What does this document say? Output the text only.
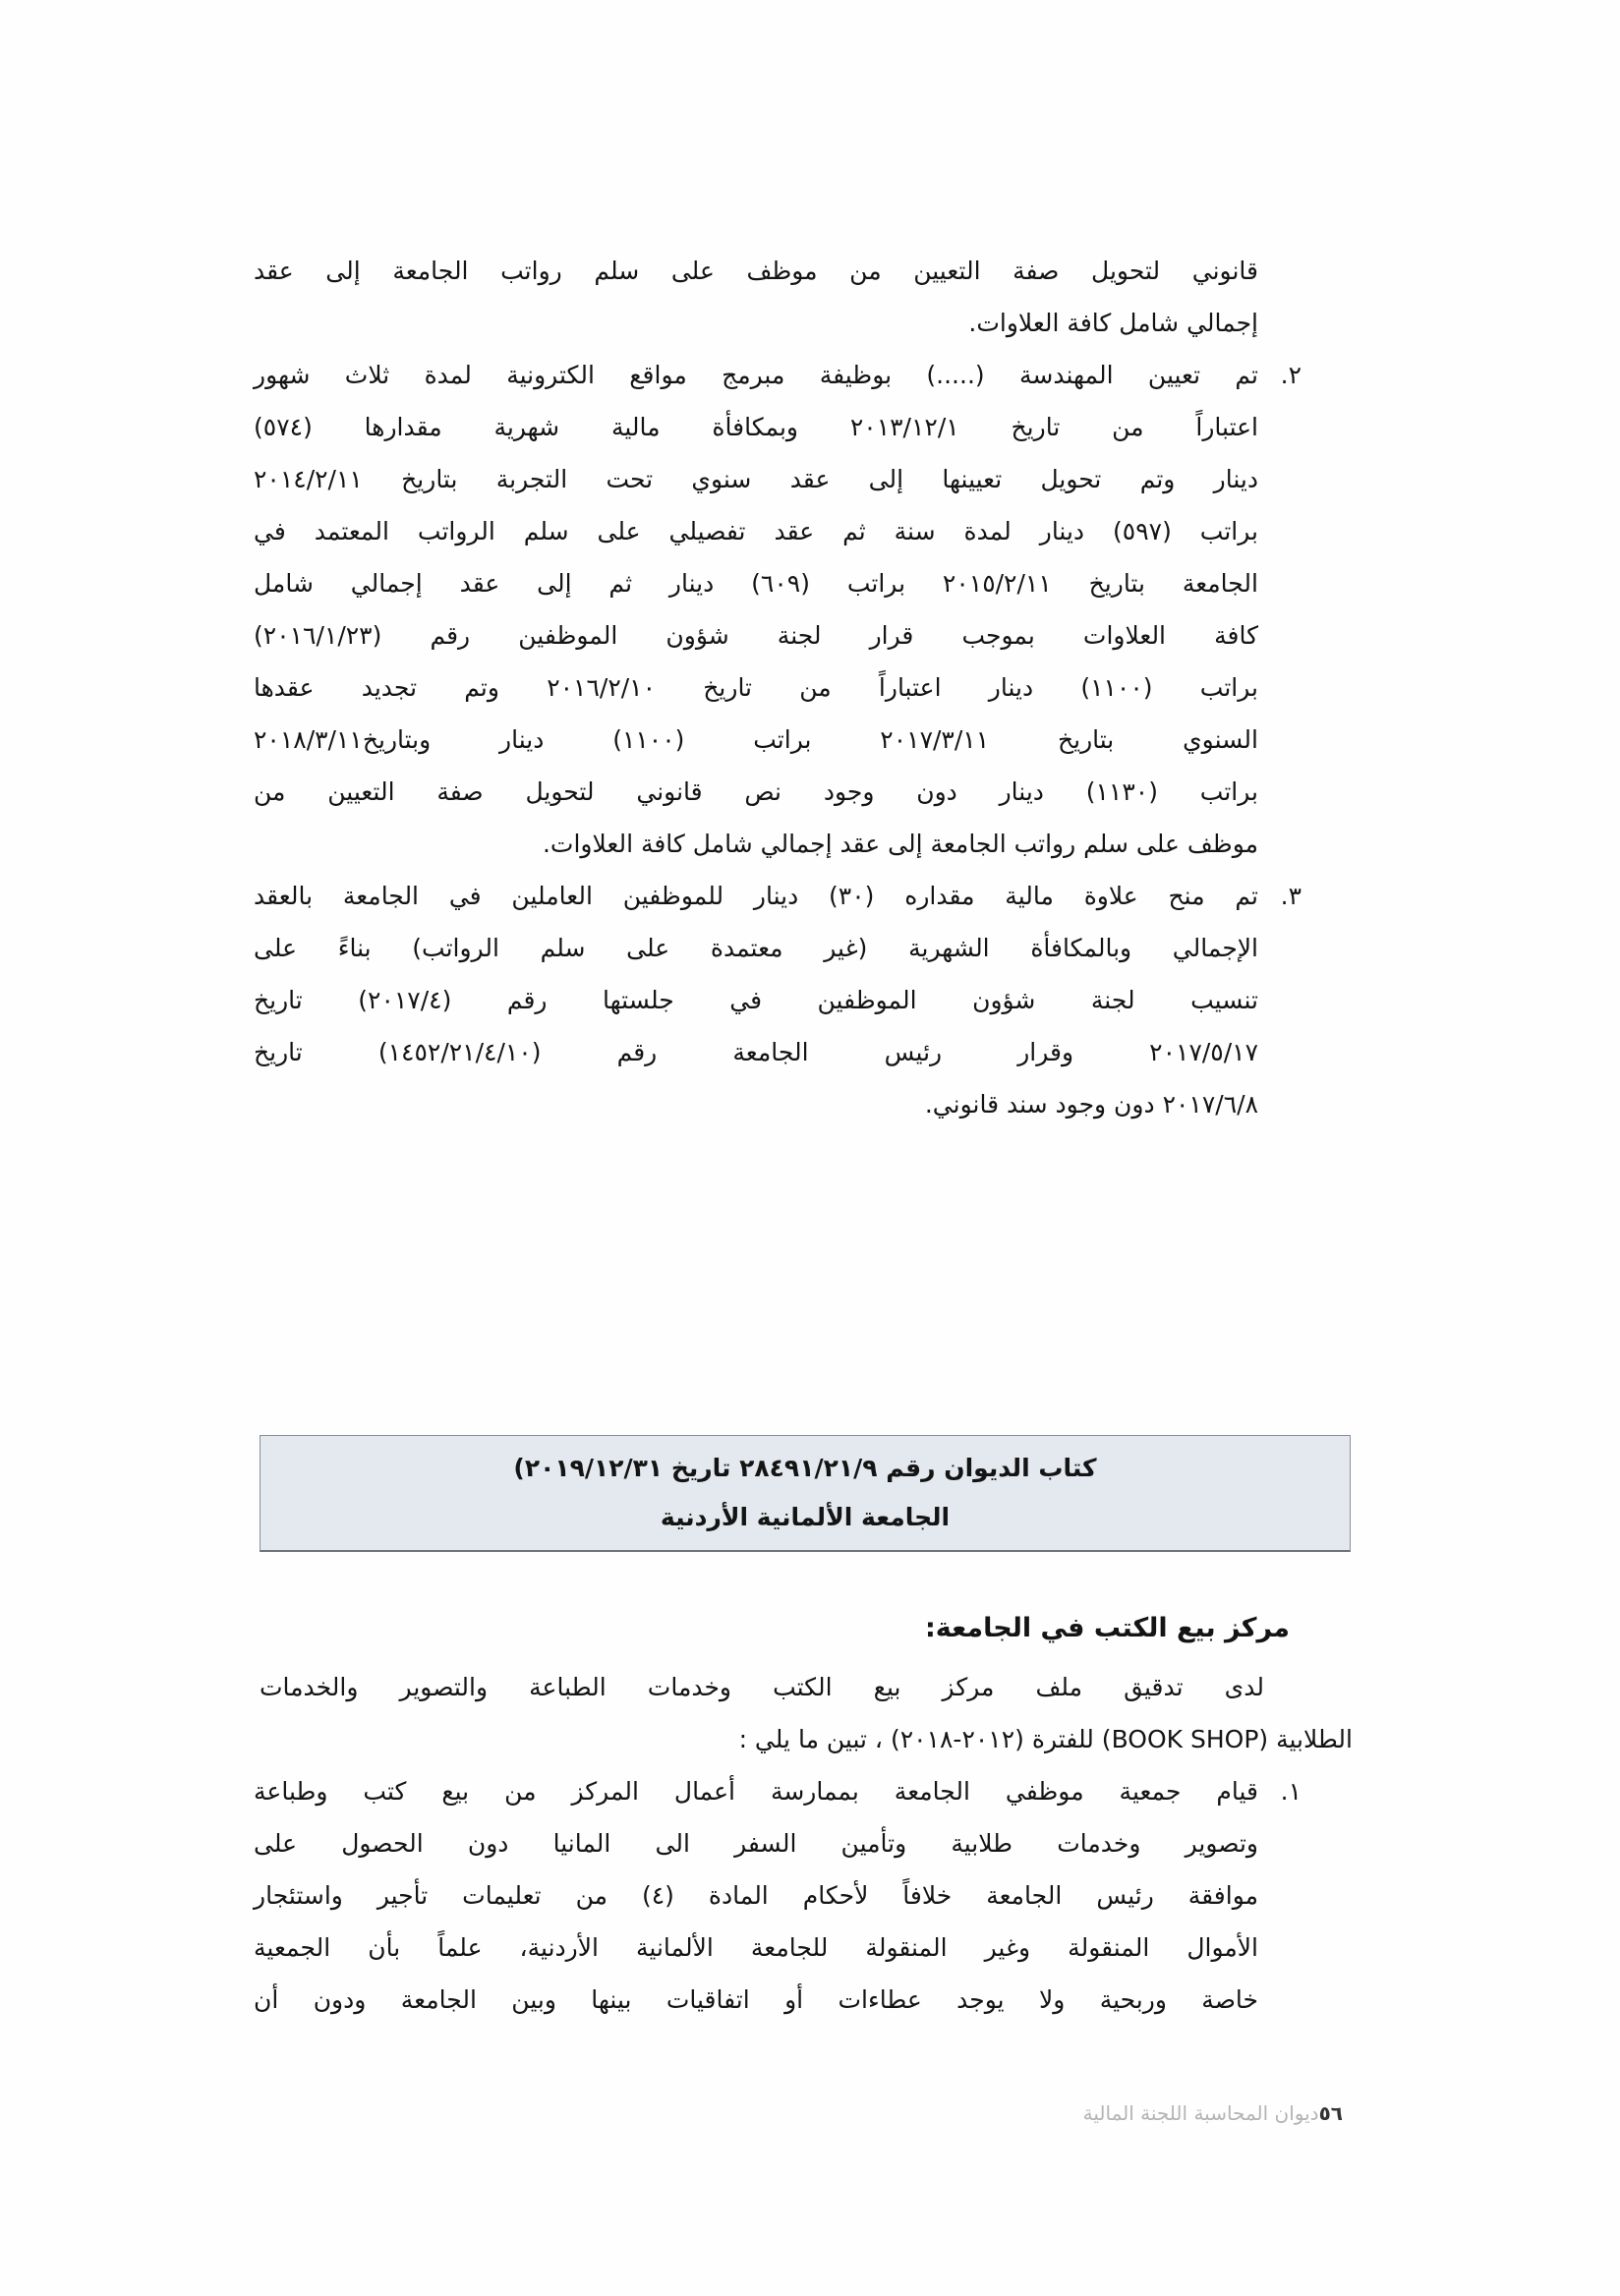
قانوني لتحويل صفة التعيين من موظف على سلم رواتب الجامعة إلى عقد
إجمالي شامل كافة العلاوات.
٢.
تم تعيين المهندسة (.....) بوظيفة مبرمج مواقع الكترونية لمدة ثلاث شهور
اعتباراً من تاريخ ٢٠١٣/١٢/١ وبمكافأة مالية شهرية مقدارها (٥٧٤)
دينار وتم تحويل تعيينها إلى عقد سنوي تحت التجربة بتاريخ ٢٠١٤/٢/١١
براتب (٥٩٧) دينار لمدة سنة ثم عقد تفصيلي على سلم الرواتب المعتمد في
الجامعة بتاريخ ٢٠١٥/٢/١١ براتب (٦٠٩) دينار ثم إلى عقد إجمالي شامل
كافة العلاوات بموجب قرار لجنة شؤون الموظفين رقم (٢٠١٦/١/٢٣)
براتب (١١٠٠) دينار اعتباراً من تاريخ ٢٠١٦/٢/١٠ وتم تجديد عقدها
السنوي بتاريخ ٢٠١٧/٣/١١ براتب (١١٠٠) دينار وبتاريخ٢٠١٨/٣/١١
براتب (١١٣٠) دينار دون وجود نص قانوني لتحويل صفة التعيين من
موظف على سلم رواتب الجامعة إلى عقد إجمالي شامل كافة العلاوات.
٣.
تم منح علاوة مالية مقداره (٣٠) دينار للموظفين العاملين في الجامعة بالعقد
الإجمالي وبالمكافأة الشهرية (غير معتمدة على سلم الرواتب) بناءً على
تنسيب لجنة شؤون الموظفين في جلستها رقم (٢٠١٧/٤) تاريخ
٢٠١٧/٥/١٧ وقرار رئيس الجامعة رقم (١٤٥٢/٢١/٤/١٠) تاريخ
٢٠١٧/٦/٨ دون وجود سند قانوني.
كتاب الديوان رقم ٢٨٤٩١/٢١/٩ تاريخ ٢٠١٩/١٢/٣١)
الجامعة الألمانية الأردنية
مركز بيع الكتب في الجامعة:
لدى تدقيق ملف مركز بيع الكتب وخدمات الطباعة والتصوير والخدمات
الطلابية (BOOK SHOP) للفترة (٢٠١٢-٢٠١٨) ، تبين ما يلي :
١.
قيام جمعية موظفي الجامعة بممارسة أعمال المركز من بيع كتب وطباعة
وتصوير وخدمات طلابية وتأمين السفر الى المانيا دون الحصول على
موافقة رئيس الجامعة خلافاً لأحكام المادة (٤) من تعليمات تأجير واستئجار
الأموال المنقولة وغير المنقولة للجامعة الألمانية الأردنية، علماً بأن الجمعية
خاصة وربحية ولا يوجد عطاءات أو اتفاقيات بينها وبين الجامعة ودون أن
٥٦ديوان المحاسبة اللجنة المالية
